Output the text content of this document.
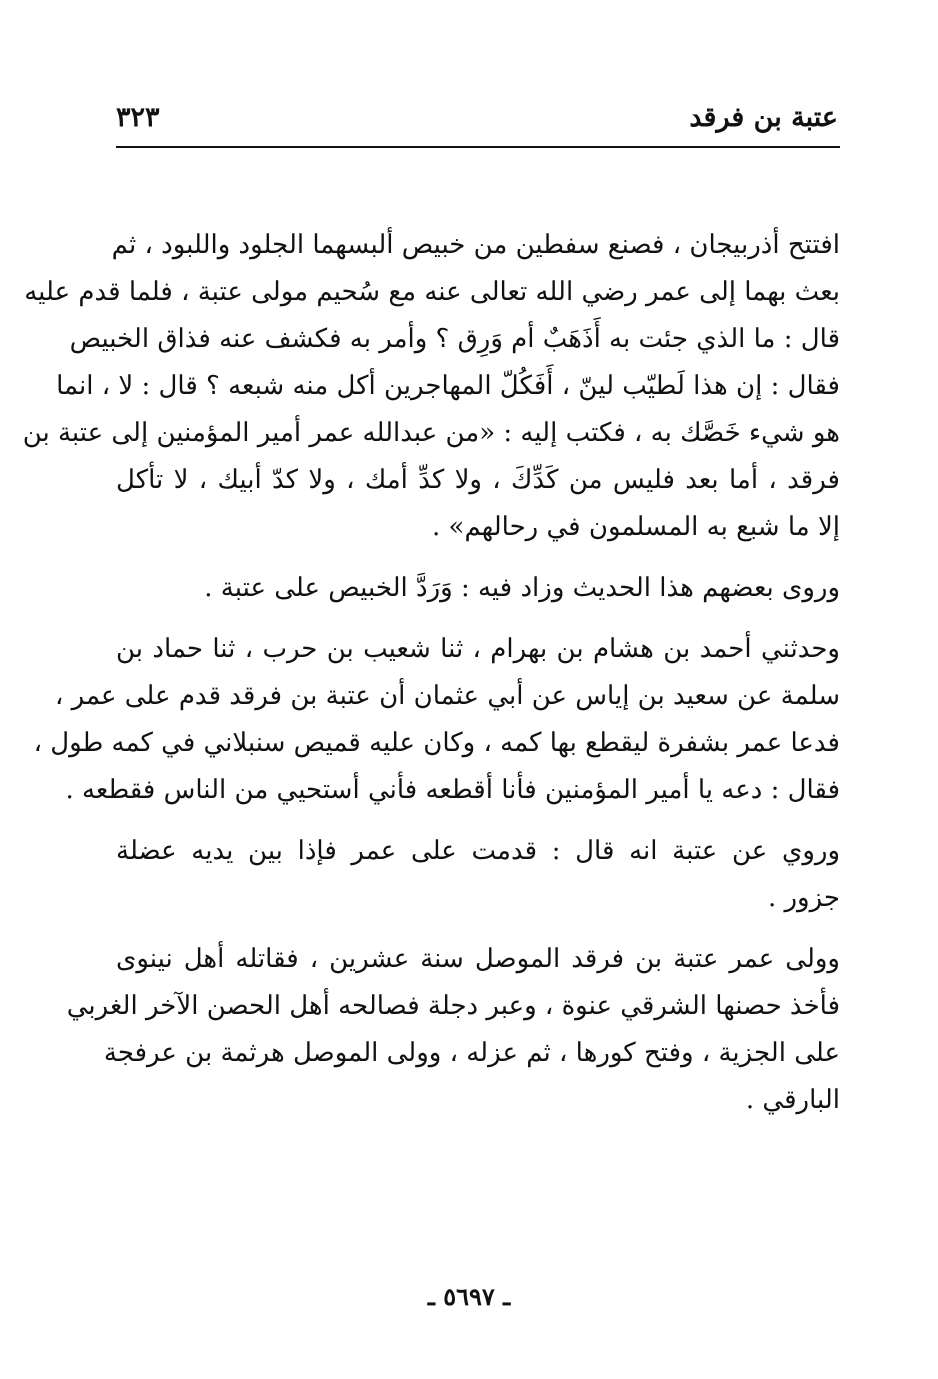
عتبة بن فرقد
٣٢٣
افتتح أذربيجان ، فصنع سفطين من خبيص ألبسهما الجلود واللبود ، ثم
بعث بهما إلى عمر رضي الله تعالى عنه مع سُحيم مولى عتبة ، فلما قدم عليه
قال : ما الذي جئت به أَذَهَبٌ أم وَرِق ؟ وأمر به فكشف عنه فذاق الخبيص
فقال : إن هذا لَطيّب لينّ ، أَفَكُلّ المهاجرين أكل منه شبعه ؟ قال : لا ، انما
هو شيء خَصَّك به ، فكتب إليه : «من عبدالله عمر أمير المؤمنين إلى عتبة بن
فرقد ، أما بعد فليس من كَدِّكَ ، ولا كدِّ أمك ، ولا كدّ أبيك ، لا تأكل
إلا ما شبع به المسلمون في رحالهم» .
وروى بعضهم هذا الحديث وزاد فيه : وَرَدَّ الخبيص على عتبة .
وحدثني أحمد بن هشام بن بهرام ، ثنا شعيب بن حرب ، ثنا حماد بن
سلمة عن سعيد بن إياس عن أبي عثمان أن عتبة بن فرقد قدم على عمر ،
فدعا عمر بشفرة ليقطع بها كمه ، وكان عليه قميص سنبلاني في كمه طول ،
فقال : دعه يا أمير المؤمنين فأنا أقطعه فأني أستحيي من الناس فقطعه .
وروي عن عتبة انه قال : قدمت على عمر فإذا بين يديه عضلة
جزور .
وولى عمر عتبة بن فرقد الموصل سنة عشرين ، فقاتله أهل نينوى
فأخذ حصنها الشرقي عنوة ، وعبر دجلة فصالحه أهل الحصن الآخر الغربي
على الجزية ، وفتح كورها ، ثم عزله ، وولى الموصل هرثمة بن عرفجة
البارقي .
ـ ٥٦٩٧ ـ
